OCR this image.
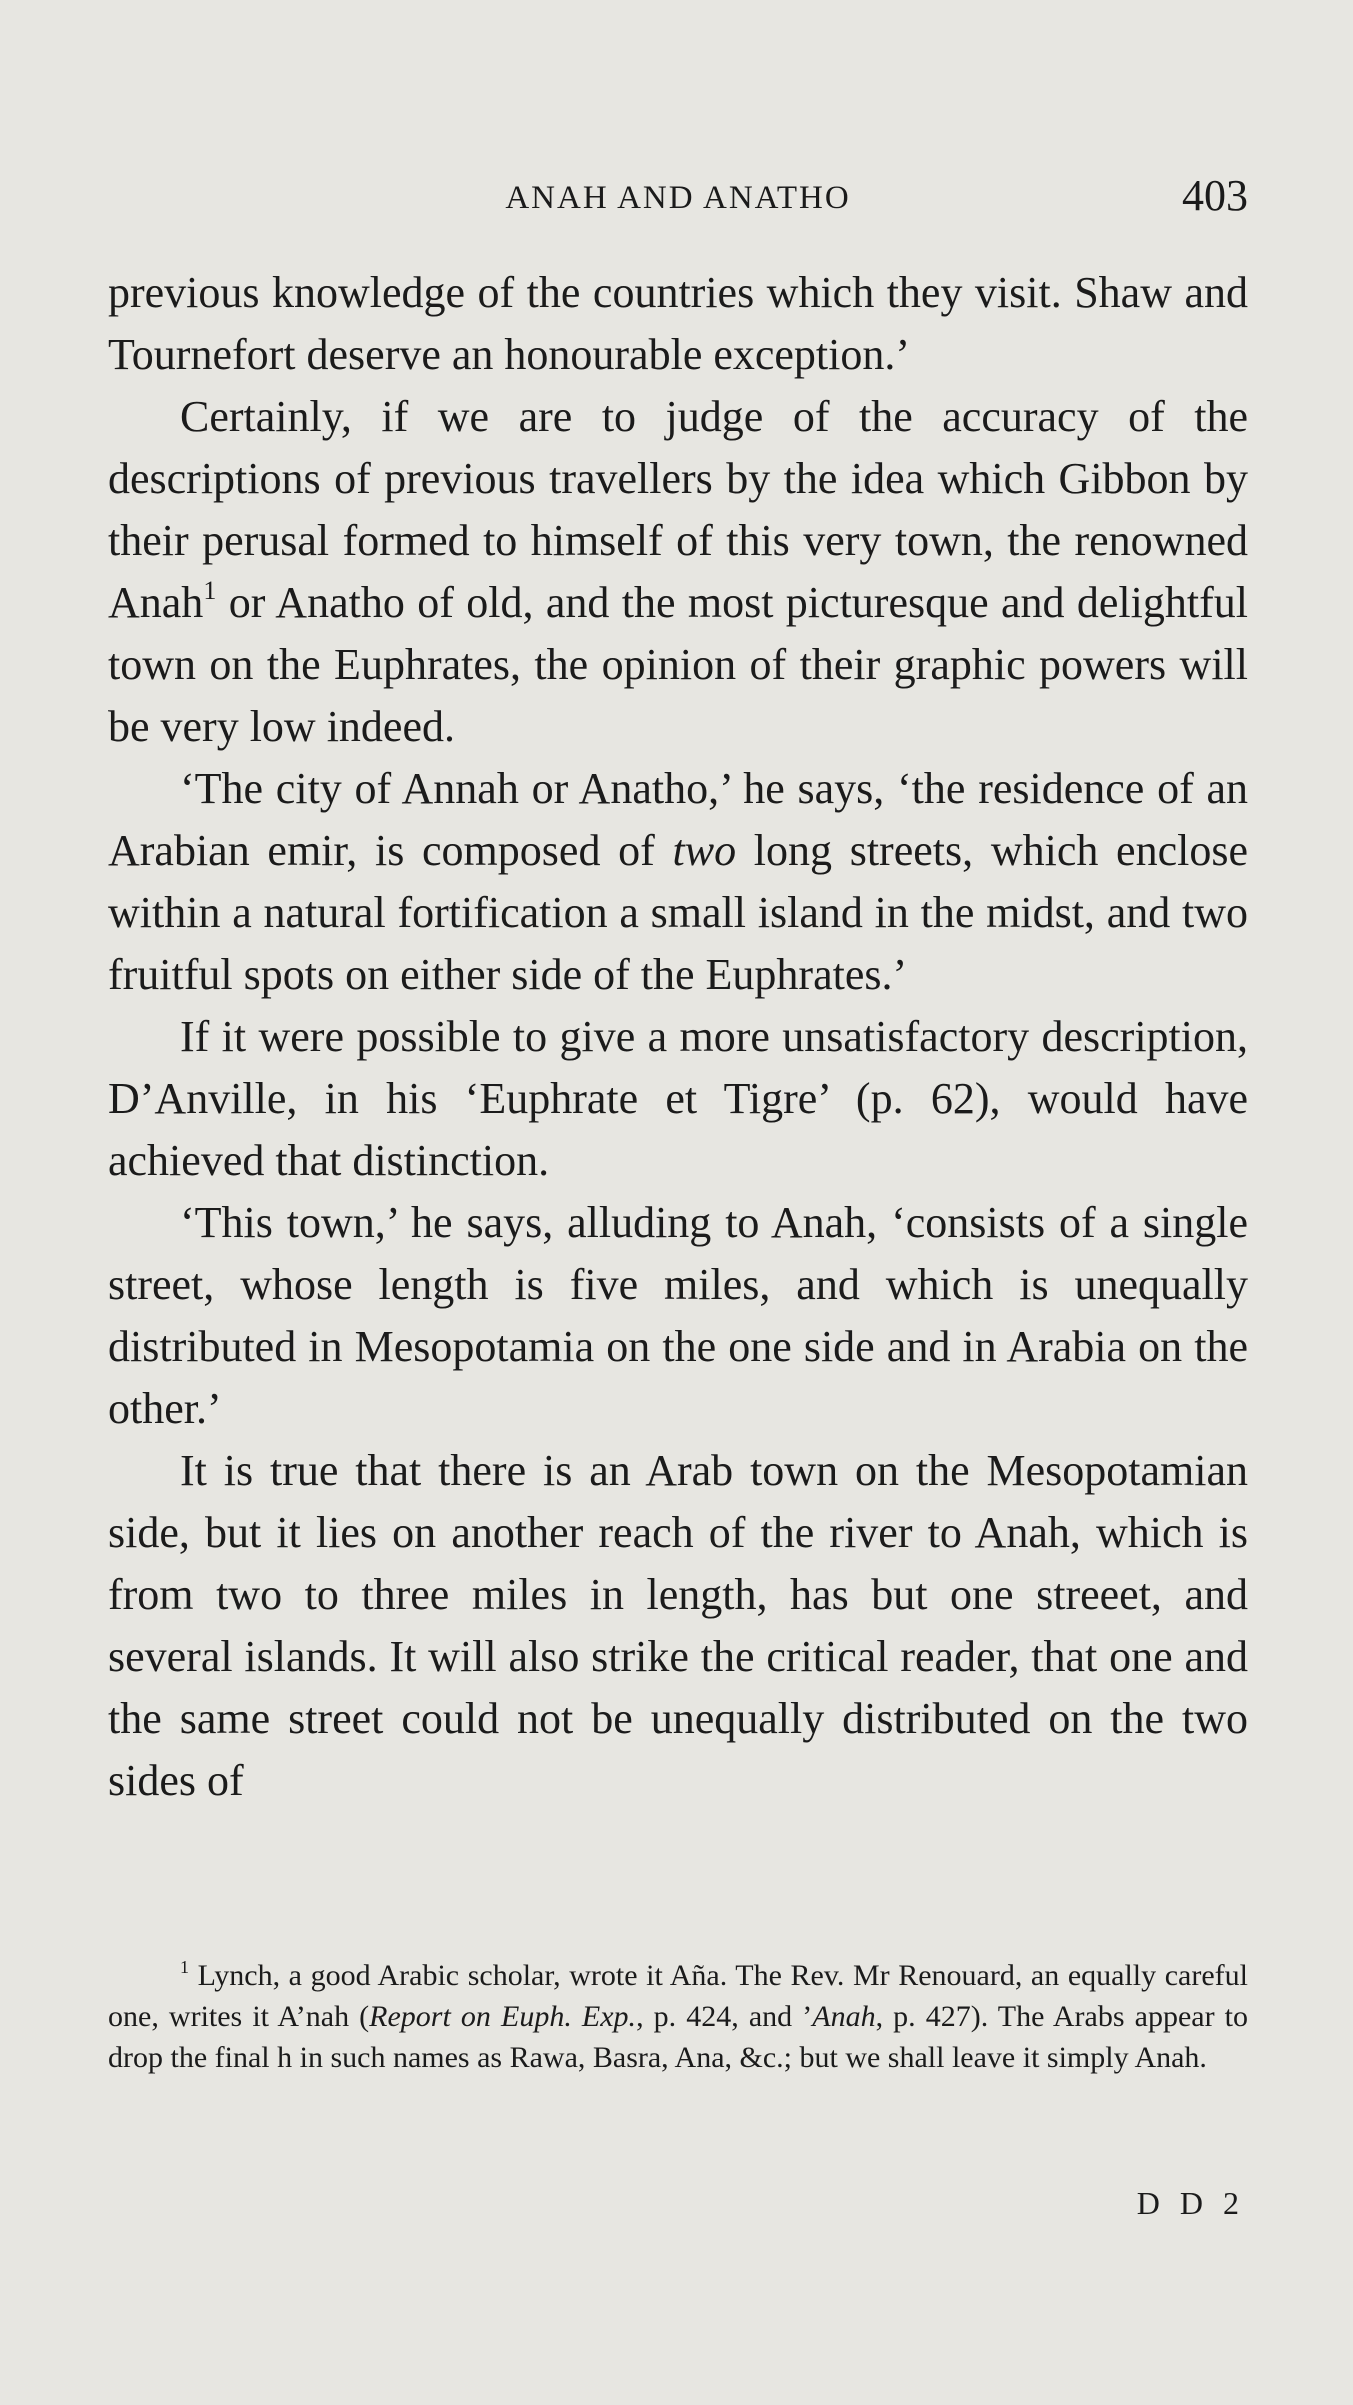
ANAH AND ANATHO	403

previous knowledge of the countries which they visit. Shaw and Tournefort deserve an honourable exception.’

Certainly, if we are to judge of the accuracy of the descriptions of previous travellers by the idea which Gibbon by their perusal formed to himself of this very town, the renowned Anah$^1$ or Anatho of old, and the most picturesque and delightful town on the Euphrates, the opinion of their graphic powers will be very low indeed.

‘The city of Annah or Anatho,’ he says, ‘the residence of an Arabian emir, is composed of two long streets, which enclose within a natural fortification a small island in the midst, and two fruitful spots on either side of the Euphrates.’

If it were possible to give a more unsatisfactory description, D’Anville, in his ‘Euphrate et Tigre’ (p. 62), would have achieved that distinction.

‘This town,’ he says, alluding to Anah, ‘consists of a single street, whose length is five miles, and which is unequally distributed in Mesopotamia on the one side and in Arabia on the other.’

It is true that there is an Arab town on the Mesopotamian side, but it lies on another reach of the river to Anah, which is from two to three miles in length, has but one streeet, and several islands. It will also strike the critical reader, that one and the same street could not be unequally distributed on the two sides of

$^1$ Lynch, a good Arabic scholar, wrote it Aña. The Rev. Mr Renouard, an equally careful one, writes it A’nah (Report on Euph. Exp., p. 424, and ’Anah, p. 427). The Arabs appear to drop the final h in such names as Rawa, Basra, Ana, &c.; but we shall leave it simply Anah.

D D 2
